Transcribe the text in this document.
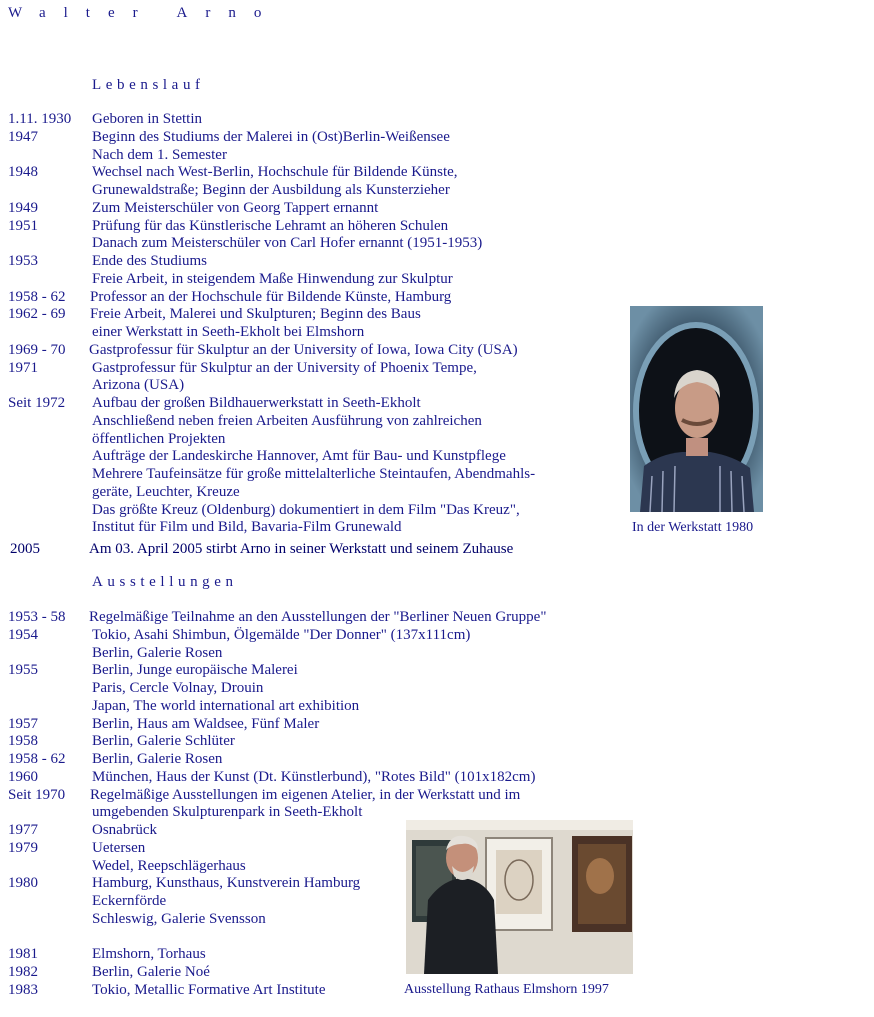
Walter Arno
Lebenslauf
1.11. 1930 Geboren in Stettin
1947	Beginn des Studiums der Malerei in (Ost)Berlin-Weißensee
Nach dem 1. Semester
1948	Wechsel nach West-Berlin, Hochschule für Bildende Künste,
Grunewaldstraße; Beginn der Ausbildung als Kunsterzieher
1949	Zum Meisterschüler von Georg Tappert ernannt
1951	Prüfung für das Künstlerische Lehramt an höheren Schulen
Danach zum Meisterschüler von Carl Hofer ernannt (1951-1953)
1953	Ende des Studiums
Freie Arbeit, in steigendem Maße Hinwendung zur Skulptur
1958 - 62 Professor an der Hochschule für Bildende Künste, Hamburg
1962 - 69 Freie Arbeit, Malerei und Skulpturen; Beginn des Baus
einer Werkstatt in Seeth-Ekholt bei Elmshorn
1969 - 70 Gastprofessur für Skulptur an der University of Iowa, Iowa City (USA)
1971	Gastprofessur für Skulptur an der University of Phoenix Tempe,
Arizona (USA)
Seit 1972 Aufbau der großen Bildhauerwerkstatt in Seeth-Ekholt
Anschließend neben freien Arbeiten Ausführung von zahlreichen
öffentlichen Projekten
Aufträge der Landeskirche Hannover, Amt für Bau- und Kunstpflege
Mehrere Taufeinsätze für große mittelalterliche Steintaufen, Abendmahls-
geräte, Leuchter, Kreuze
Das größte Kreuz (Oldenburg) dokumentiert in dem Film "Das Kreuz",
Institut für Film und Bild, Bavaria-Film Grunewald
2005	Am 03. April 2005 stirbt Arno in seiner Werkstatt und seinem Zuhause
Ausstellungen
1953 - 58 Regelmäßige Teilnahme an den Ausstellungen der "Berliner Neuen Gruppe"
1954	Tokio, Asahi Shimbun, Ölgemälde "Der Donner" (137x111cm)
Berlin, Galerie Rosen
1955	Berlin, Junge europäische Malerei
Paris, Cercle Volnay, Drouin
Japan, The world international art exhibition
1957	Berlin, Haus am Waldsee, Fünf Maler
1958	Berlin, Galerie Schlüter
1958 - 62 Berlin, Galerie Rosen
1960	München, Haus der Kunst (Dt. Künstlerbund), "Rotes Bild" (101x182cm)
Seit 1970 Regelmäßige Ausstellungen im eigenen Atelier, in der Werkstatt und im
umgebenden Skulpturenpark in Seeth-Ekholt
1977	Osnabrück
1979	Uetersen
Wedel, Reepschlägerhaus
1980	Hamburg, Kunsthaus, Kunstverein Hamburg
Eckernförde
Schleswig, Galerie Svensson
1981	Elmshorn, Torhaus
1982	Berlin, Galerie Noé
1983	Tokio, Metallic Formative Art Institute
In der Werkstatt 1980
Ausstellung Rathaus Elmshorn 1997
